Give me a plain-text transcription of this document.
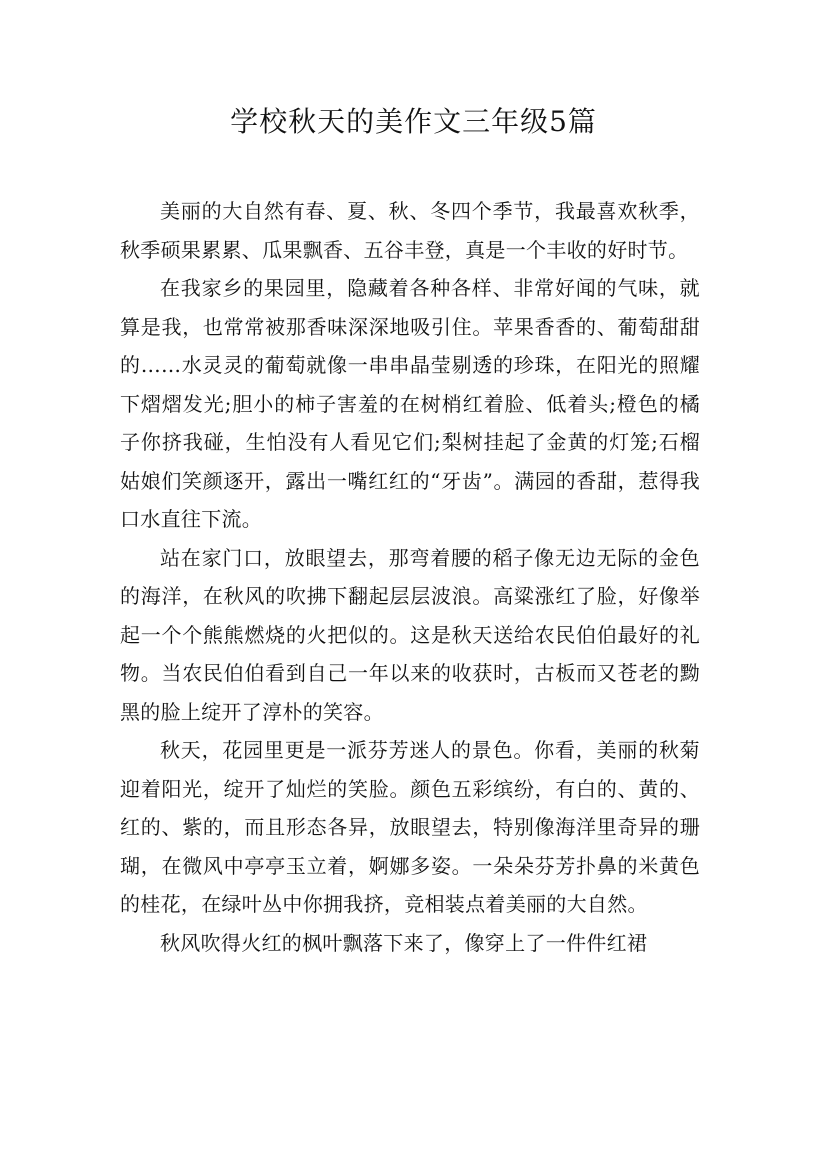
学校秋天的美作文三年级5篇

美丽的大自然有春、夏、秋、冬四个季节，我最喜欢秋季，秋季硕果累累、瓜果飘香、五谷丰登，真是一个丰收的好时节。

在我家乡的果园里，隐藏着各种各样、非常好闻的气味，就算是我，也常常被那香味深深地吸引住。苹果香香的、葡萄甜甜的……水灵灵的葡萄就像一串串晶莹剔透的珍珠，在阳光的照耀下熠熠发光;胆小的柿子害羞的在树梢红着脸、低着头;橙色的橘子你挤我碰，生怕没有人看见它们;梨树挂起了金黄的灯笼;石榴姑娘们笑颜逐开，露出一嘴红红的“牙齿”。满园的香甜，惹得我口水直往下流。

站在家门口，放眼望去，那弯着腰的稻子像无边无际的金色的海洋，在秋风的吹拂下翻起层层波浪。高粱涨红了脸，好像举起一个个熊熊燃烧的火把似的。这是秋天送给农民伯伯最好的礼物。当农民伯伯看到自己一年以来的收获时，古板而又苍老的黝黑的脸上绽开了淳朴的笑容。

秋天，花园里更是一派芬芳迷人的景色。你看，美丽的秋菊迎着阳光，绽开了灿烂的笑脸。颜色五彩缤纷，有白的、黄的、红的、紫的，而且形态各异，放眼望去，特别像海洋里奇异的珊瑚，在微风中亭亭玉立着，婀娜多姿。一朵朵芬芳扑鼻的米黄色的桂花，在绿叶丛中你拥我挤，竞相装点着美丽的大自然。

秋风吹得火红的枫叶飘落下来了，像穿上了一件件红裙
